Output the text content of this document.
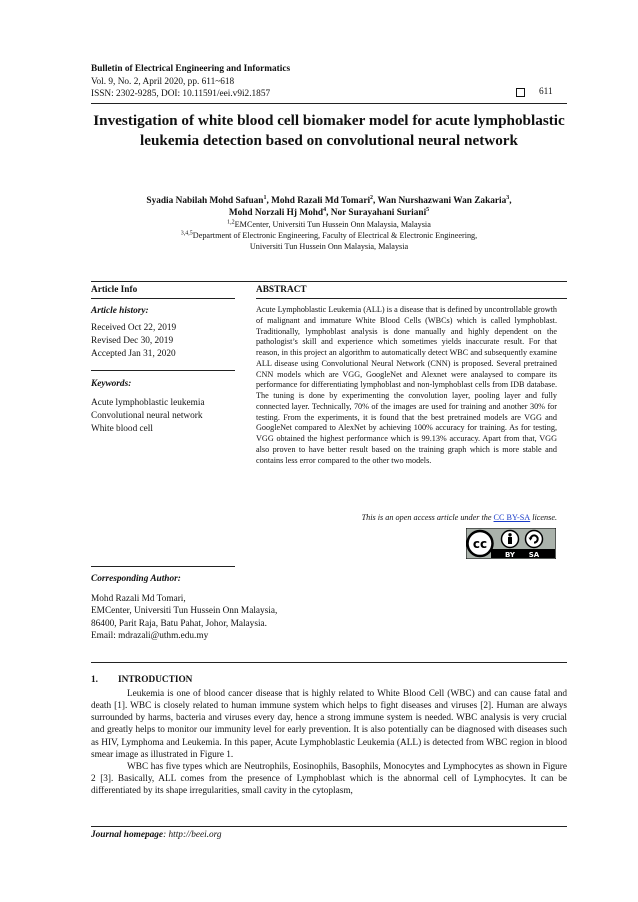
Bulletin of Electrical Engineering and Informatics
Vol. 9, No. 2, April 2020, pp. 611~618
ISSN: 2302-9285, DOI: 10.11591/eei.v9i2.1857	611
Investigation of white blood cell biomaker model for acute lymphoblastic leukemia detection based on convolutional neural network
Syadia Nabilah Mohd Safuan$^1$, Mohd Razali Md Tomari$^2$, Wan Nurshazwani Wan Zakaria$^3$,
Mohd Norzali Hj Mohd$^4$, Nor Surayahani Suriani$^5$
$^{1,2}$EMCenter, Universiti Tun Hussein Onn Malaysia, Malaysia
$^{3,4,5}$Department of Electronic Engineering, Faculty of Electrical & Electronic Engineering,
Universiti Tun Hussein Onn Malaysia, Malaysia
Article Info	ABSTRACT
Article history:
Received Oct 22, 2019
Revised Dec 30, 2019
Accepted Jan 31, 2020
Keywords:
Acute lymphoblastic leukemia
Convolutional neural network
White blood cell
Acute Lymphoblastic Leukemia (ALL) is a disease that is defined by uncontrollable growth of malignant and immature White Blood Cells (WBCs) which is called lymphoblast. Traditionally, lymphoblast analysis is done manually and highly dependent on the pathologist’s skill and experience which sometimes yields inaccurate result. For that reason, in this project an algorithm to automatically detect WBC and subsequently examine ALL disease using Convolutional Neural Network (CNN) is proposed. Several pretrained CNN models which are VGG, GoogleNet and Alexnet were analaysed to compare its performance for differentiating lymphoblast and non-lymphoblast cells from IDB database. The tuning is done by experimenting the convolution layer, pooling layer and fully connected layer. Technically, 70% of the images are used for training and another 30% for testing. From the experiments, it is found that the best pretrained models are VGG and GoogleNet compared to AlexNet by achieving 100% accuracy for training. As for testing, VGG obtained the highest performance which is 99.13% accuracy. Apart from that, VGG also proven to have better result based on the training graph which is more stable and contains less error compared to the other two models.
This is an open access article under the CC BY-SA license.
cc
BY SA
Corresponding Author:
Mohd Razali Md Tomari,
EMCenter, Universiti Tun Hussein Onn Malaysia,
86400, Parit Raja, Batu Pahat, Johor, Malaysia.
Email: mdrazali@uthm.edu.my
1. INTRODUCTION

Leukemia is one of blood cancer disease that is highly related to White Blood Cell (WBC) and can cause fatal and death [1]. WBC is closely related to human immune system which helps to fight diseases and viruses [2]. Human are always surrounded by harms, bacteria and viruses every day, hence a strong immune system is needed. WBC analysis is very crucial and greatly helps to monitor our immunity level for early prevention. It is also potentially can be diagnosed with diseases such as HIV, Lymphoma and Leukemia. In this paper, Acute Lymphoblastic Leukemia (ALL) is detected from WBC region in blood smear image as illustrated in Figure 1.

WBC has five types which are Neutrophils, Eosinophils, Basophils, Monocytes and Lymphocytes as shown in Figure 2 [3]. Basically, ALL comes from the presence of Lymphoblast which is the abnormal cell of Lymphocytes. It can be differentiated by its shape irregularities, small cavity in the cytoplasm,

Journal homepage: http://beei.org
